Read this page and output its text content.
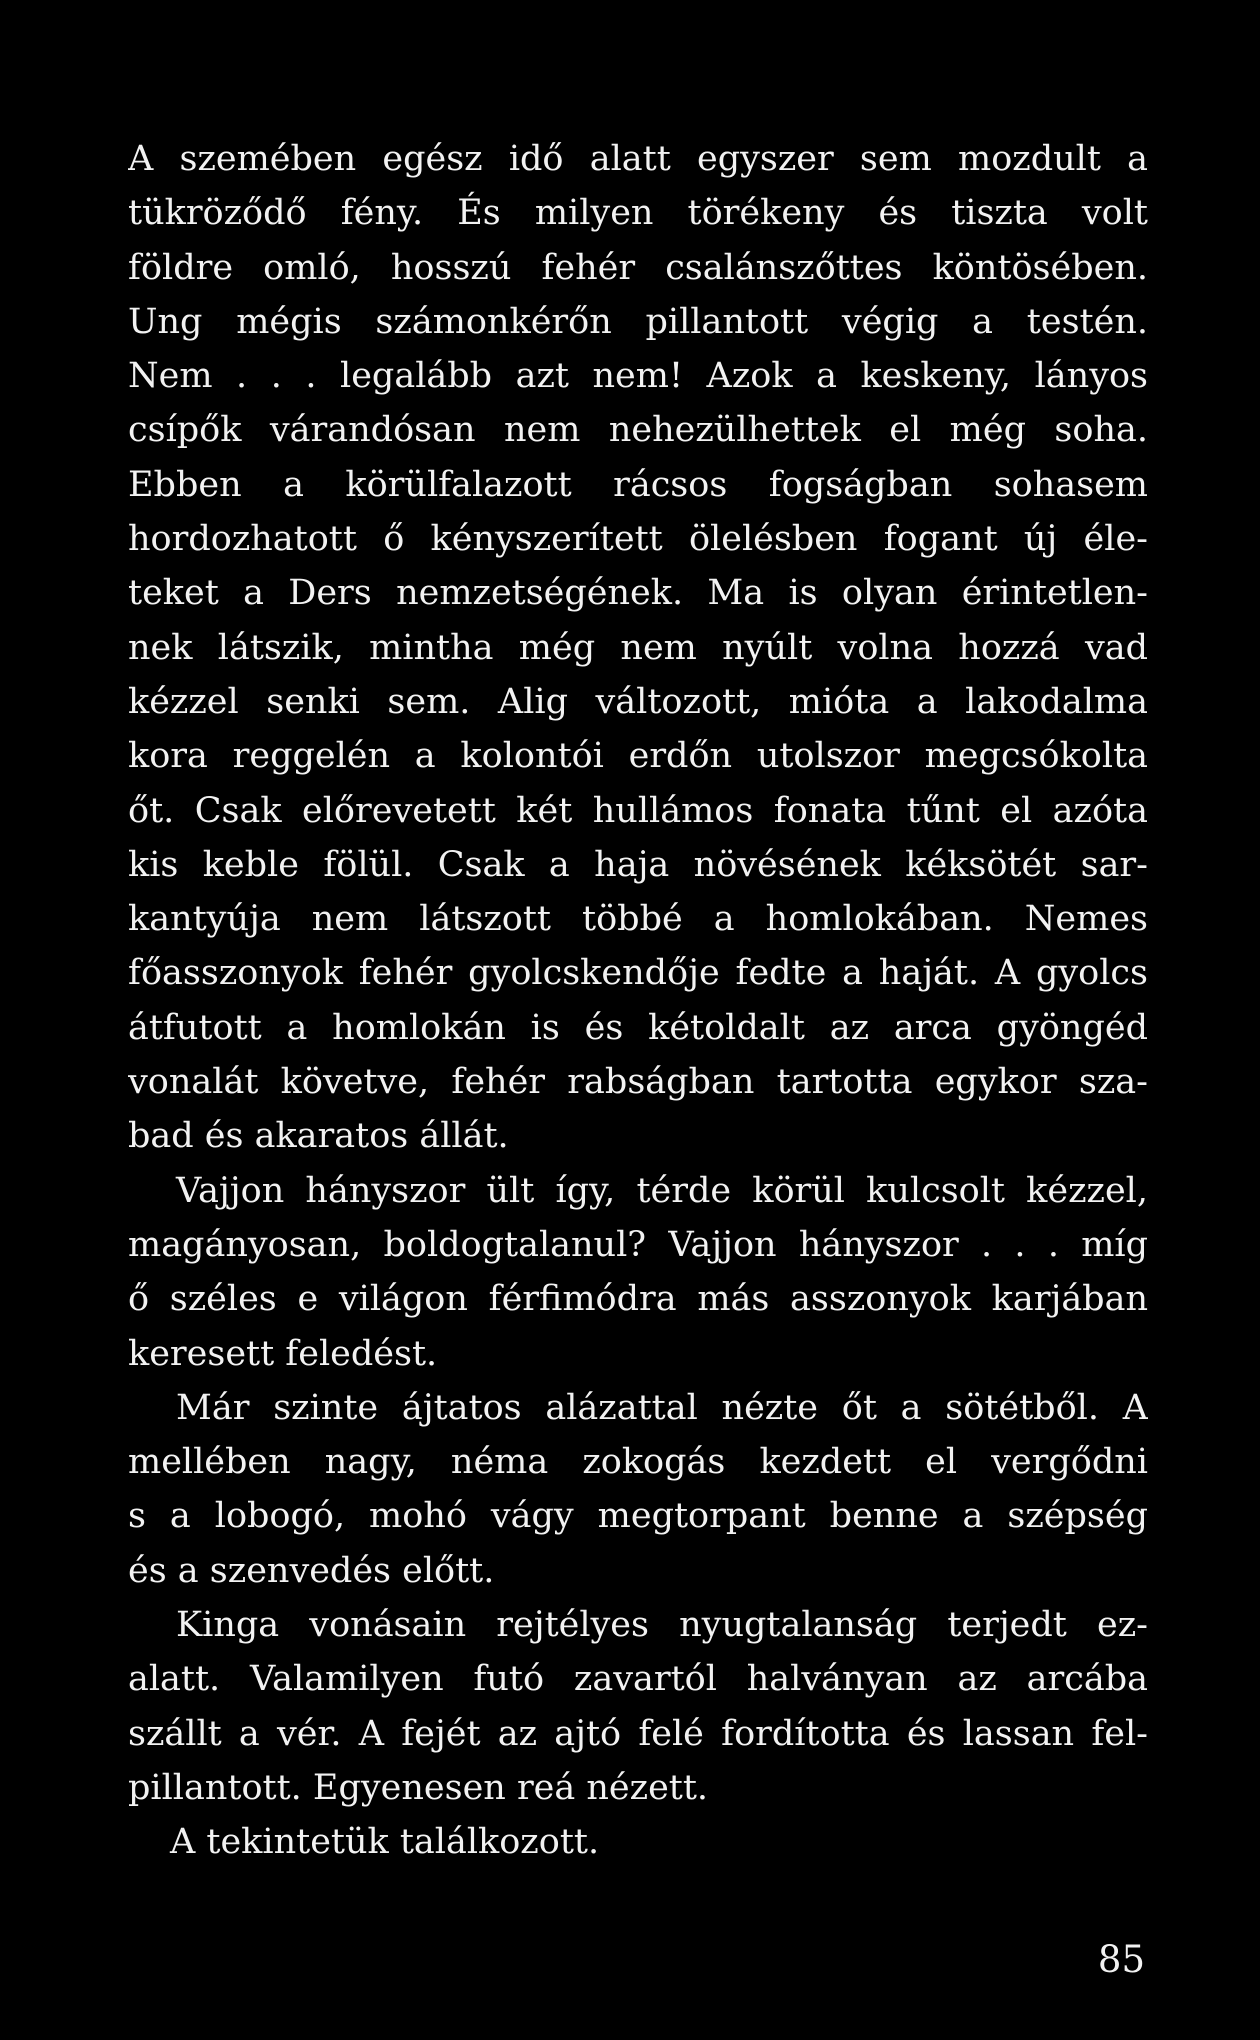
A szemében egész idő alatt egyszer sem mozdult a
tükröződő fény. És milyen törékeny és tiszta volt
földre omló, hosszú fehér csalánszőttes köntösében.
Ung mégis számonkérőn pillantott végig a testén.
Nem . . . legalább azt nem! Azok a keskeny, lányos
csípők várandósan nem nehezülhettek el még soha.
Ebben a körülfalazott rácsos fogságban sohasem
hordozhatott ő kényszerített ölelésben fogant új éle-
teket a Ders nemzetségének. Ma is olyan érintetlen-
nek látszik, mintha még nem nyúlt volna hozzá vad
kézzel senki sem. Alig változott, mióta a lakodalma
kora reggelén a kolontói erdőn utolszor megcsókolta
őt. Csak előrevetett két hullámos fonata tűnt el azóta
kis keble fölül. Csak a haja növésének kéksötét sar-
kantyúja nem látszott többé a homlokában. Nemes
főasszonyok fehér gyolcskendője fedte a haját. A gyolcs
átfutott a homlokán is és kétoldalt az arca gyöngéd
vonalát követve, fehér rabságban tartotta egykor sza-
bad és akaratos állát.
Vajjon hányszor ült így, térde körül kulcsolt kézzel,
magányosan, boldogtalanul? Vajjon hányszor . . . míg
ő széles e világon férfimódra más asszonyok karjában
keresett feledést.
Már szinte ájtatos alázattal nézte őt a sötétből. A
mellében nagy, néma zokogás kezdett el vergődni
s a lobogó, mohó vágy megtorpant benne a szépség
és a szenvedés előtt.
Kinga vonásain rejtélyes nyugtalanság terjedt ez-
alatt. Valamilyen futó zavartól halványan az arcába
szállt a vér. A fejét az ajtó felé fordította és lassan fel-
pillantott. Egyenesen reá nézett.
A tekintetük találkozott.
85
